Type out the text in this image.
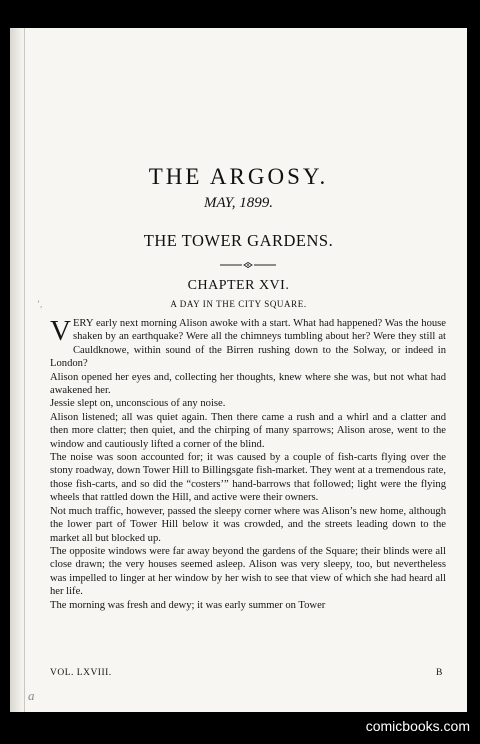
THE ARGOSY.
MAY, 1899.
THE TOWER GARDENS.
CHAPTER XVI.
A DAY IN THE CITY SQUARE.
’,

VERY early next morning Alison awoke with a start. What had happened? Was the house shaken by an earthquake? Were all the chimneys tumbling about her? Were they still at Cauldknowe, within sound of the Birren rushing down to the Solway, or indeed in London?

Alison opened her eyes and, collecting her thoughts, knew where she was, but not what had awakened her.

Jessie slept on, unconscious of any noise.

Alison listened; all was quiet again. Then there came a rush and a whirl and a clatter and then more clatter; then quiet, and the chirping of many sparrows; Alison arose, went to the window and cautiously lifted a corner of the blind.

The noise was soon accounted for; it was caused by a couple of fish-carts flying over the stony roadway, down Tower Hill to Billingsgate fish-market. They went at a tremendous rate, those fish-carts, and so did the “costers’” hand-barrows that followed; light were the flying wheels that rattled down the Hill, and active were their owners.

Not much traffic, however, passed the sleepy corner where was Alison’s new home, although the lower part of Tower Hill below it was crowded, and the streets leading down to the market all but blocked up.

The opposite windows were far away beyond the gardens of the Square; their blinds were all close drawn; the very houses seemed asleep. Alison was very sleepy, too, but nevertheless was impelled to linger at her window by her wish to see that view of which she had heard all her life.

The morning was fresh and dewy; it was early summer on Tower

VOL. LXVIII.	B
a
comicbooks.com
